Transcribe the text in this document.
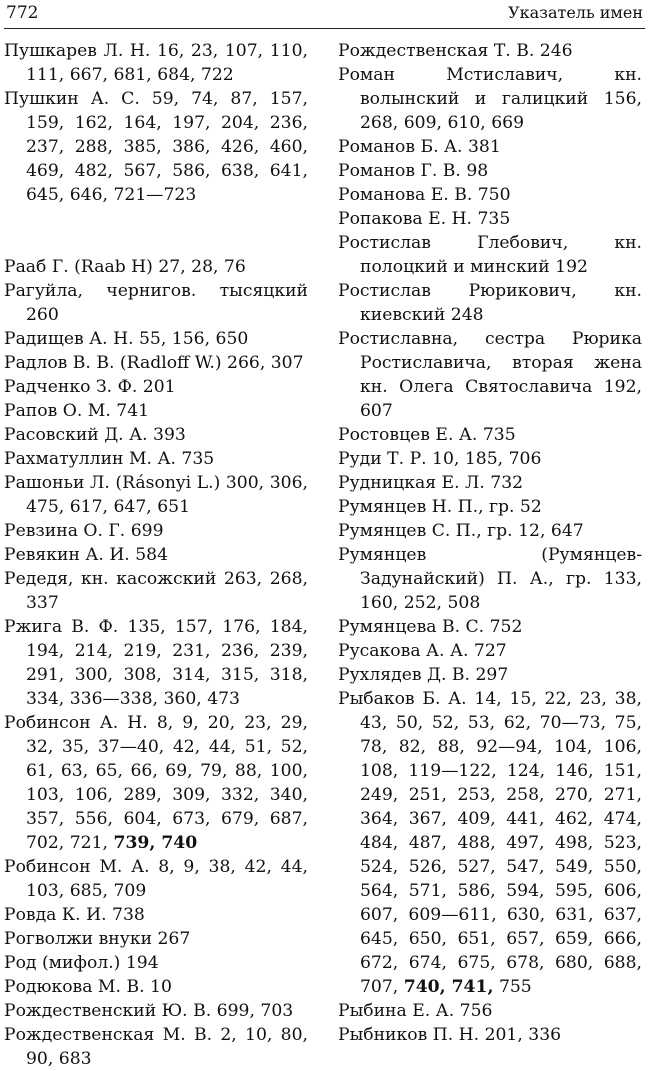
772	Указатель имен

Пушкарев Л. Н. 16, 23, 107, 110, 111, 667, 681, 684, 722

Пушкин А. С. 59, 74, 87, 157, 159, 162, 164, 197, 204, 236, 237, 288, 385, 386, 426, 460, 469, 482, 567, 586, 638, 641, 645, 646, 721—723

Рааб Г. (Raab H) 27, 28, 76

Рагуйла, чернигов. тысяцкий 260

Радищев А. Н. 55, 156, 650

Радлов В. В. (Radloff W.) 266, 307

Радченко З. Ф. 201

Рапов О. М. 741

Расовский Д. А. 393

Рахматуллин М. А. 735

Рашоньи Л. (Rásonyi L.) 300, 306, 475, 617, 647, 651

Ревзина О. Г. 699

Ревякин А. И. 584

Редедя, кн. касожский 263, 268, 337

Ржига В. Ф. 135, 157, 176, 184, 194, 214, 219, 231, 236, 239, 291, 300, 308, 314, 315, 318, 334, 336—338, 360, 473

Робинсон А. Н. 8, 9, 20, 23, 29, 32, 35, 37—40, 42, 44, 51, 52, 61, 63, 65, 66, 69, 79, 88, 100, 103, 106, 289, 309, 332, 340, 357, 556, 604, 673, 679, 687, 702, 721, 739, 740

Робинсон М. А. 8, 9, 38, 42, 44, 103, 685, 709

Ровда К. И. 738

Рогволжи внуки 267

Род (мифол.) 194

Родюкова М. В. 10

Рождественский Ю. В. 699, 703

Рождественская М. В. 2, 10, 80, 90, 683

Рождественская Т. В. 246

Роман Мстиславич, кн. волынский и галицкий 156, 268, 609, 610, 669

Романов Б. А. 381

Романов Г. В. 98

Романова Е. В. 750

Ропакова Е. Н. 735

Ростислав Глебович, кн. полоцкий и минский 192

Ростислав Рюрикович, кн. киевский 248

Ростиславна, сестра Рюрика Ростиславича, вторая жена кн. Олега Святославича 192, 607

Ростовцев Е. А. 735

Руди Т. Р. 10, 185, 706

Рудницкая Е. Л. 732

Румянцев Н. П., гр. 52

Румянцев С. П., гр. 12, 647

Румянцев (Румянцев-Задунайский) П. А., гр. 133, 160, 252, 508

Румянцева В. С. 752

Русакова А. А. 727

Рухлядев Д. В. 297

Рыбаков Б. А. 14, 15, 22, 23, 38, 43, 50, 52, 53, 62, 70—73, 75, 78, 82, 88, 92—94, 104, 106, 108, 119—122, 124, 146, 151, 249, 251, 253, 258, 270, 271, 364, 367, 409, 441, 462, 474, 484, 487, 488, 497, 498, 523, 524, 526, 527, 547, 549, 550, 564, 571, 586, 594, 595, 606, 607, 609—611, 630, 631, 637, 645, 650, 651, 657, 659, 666, 672, 674, 675, 678, 680, 688, 707, 740, 741, 755

Рыбина Е. А. 756

Рыбников П. Н. 201, 336
